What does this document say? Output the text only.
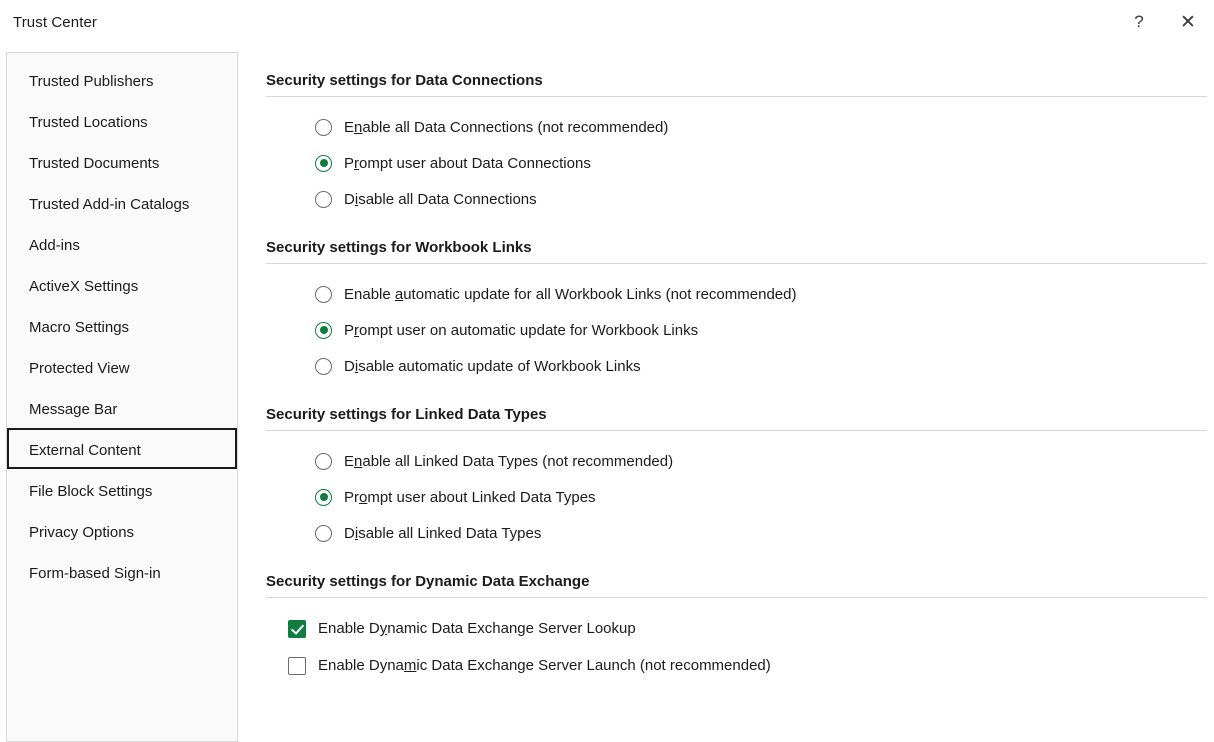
Trust Center	?	✕
Trusted Publishers
Trusted Locations
Trusted Documents
Trusted Add-in Catalogs
Add-ins
ActiveX Settings
Macro Settings
Protected View
Message Bar
External Content
File Block Settings
Privacy Options
Form-based Sign-in
Security settings for Data Connections
Enable all Data Connections (not recommended)
Prompt user about Data Connections
Disable all Data Connections
Security settings for Workbook Links
Enable automatic update for all Workbook Links (not recommended)
Prompt user on automatic update for Workbook Links
Disable automatic update of Workbook Links
Security settings for Linked Data Types
Enable all Linked Data Types (not recommended)
Prompt user about Linked Data Types
Disable all Linked Data Types
Security settings for Dynamic Data Exchange
Enable Dynamic Data Exchange Server Lookup
Enable Dynamic Data Exchange Server Launch (not recommended)
